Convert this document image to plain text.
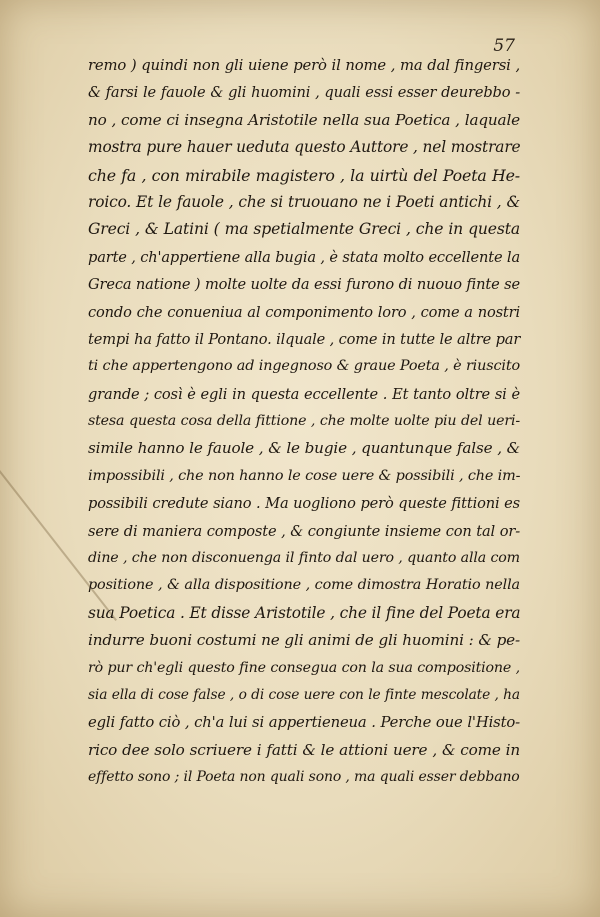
57
remo ) quindi non gli uiene però il nome , ma dal fingersi ,
& farsi le fauole & gli huomini , quali essi esser deurebbo -
no , come ci insegna Aristotile nella sua Poetica , laquale
mostra pure hauer ueduta questo Auttore , nel mostrare
che fa , con mirabile magistero , la uirtù del Poeta He-
roico. Et le fauole , che si truouano ne i Poeti antichi , &
Greci , & Latini ( ma spetialmente Greci , che in questa
parte , ch'appertiene alla bugia , è stata molto eccellente la
Greca natione ) molte uolte da essi furono di nuouo finte se
condo che conueniua al componimento loro , come a nostri
tempi ha fatto il Pontano. ilquale , come in tutte le altre par
ti che appertengono ad ingegnoso & graue Poeta , è riuscito
grande ; così è egli in questa eccellente . Et tanto oltre si è
stesa questa cosa della fittione , che molte uolte piu del ueri-
simile hanno le fauole , & le bugie , quantunque false , &
impossibili , che non hanno le cose uere & possibili , che im-
possibili credute siano . Ma uogliono però queste fittioni es
sere di maniera composte , & congiunte insieme con tal or-
dine , che non disconuenga il finto dal uero , quanto alla com
positione , & alla dispositione , come dimostra Horatio nella
sua Poetica . Et disse Aristotile , che il fine del Poeta era
indurre buoni costumi ne gli animi de gli huomini : & pe-
rò pur ch'egli questo fine consegua con la sua compositione ,
sia ella di cose false , o di cose uere con le finte mescolate , ha
egli fatto ciò , ch'a lui si appertieneua . Perche oue l'Histo-
rico dee solo scriuere i fatti & le attioni uere , & come in
effetto sono ; il Poeta non quali sono , ma quali esser debbano
